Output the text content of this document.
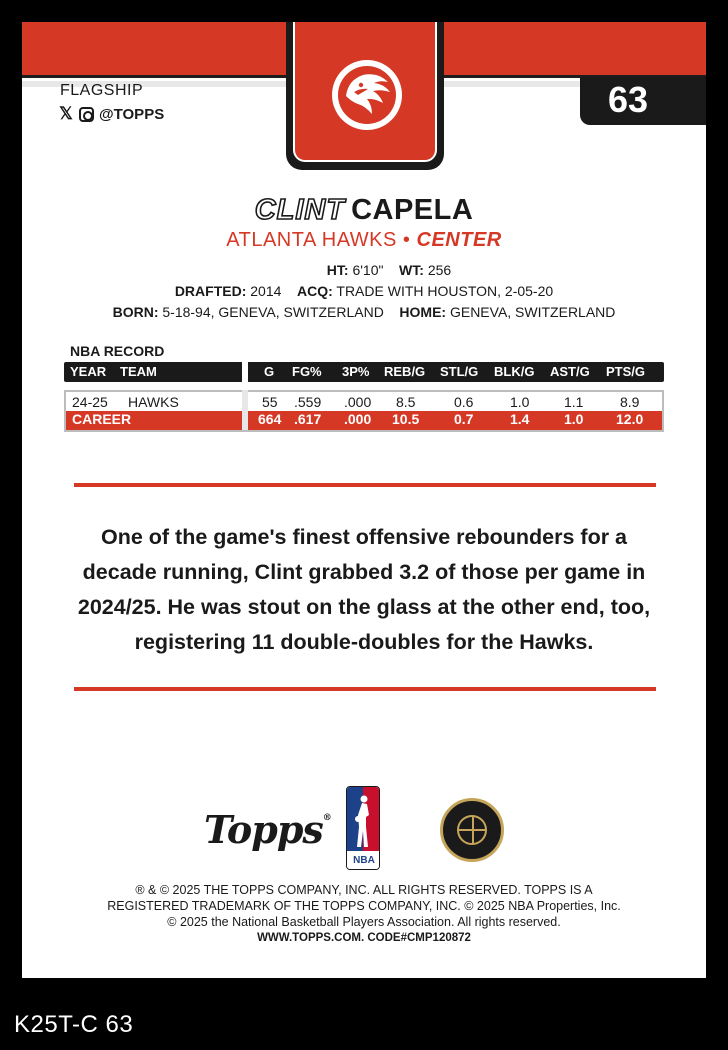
FLAGSHIP
𝕏 @TOPPS	63
CLINT CAPELA
ATLANTA HAWKS • CENTER
HT: 6'10" WT: 256
DRAFTED: 2014 ACQ: TRADE WITH HOUSTON, 2-05-20
BORN: 5-18-94, GENEVA, SWITZERLAND HOME: GENEVA, SWITZERLAND
NBA RECORD
YEAR TEAM	G FG% 3P% REB/G STL/G BLK/G AST/G PTS/G
24-25 HAWKS	55 .559 .000 8.5	0.6	1.0 1.1	8.9
CAREER	664 .617 .000 10.5 0.7	1.4 1.0 12.0
One of the game's finest offensive rebounders for a decade running, Clint grabbed 3.2 of those per game in 2024/25. He was stout on the glass at the other end, too, registering 11 double-doubles for the Hawks.
Topps®
NBA
® & © 2025 THE TOPPS COMPANY, INC. ALL RIGHTS RESERVED. TOPPS IS A
REGISTERED TRADEMARK OF THE TOPPS COMPANY, INC. © 2025 NBA Properties, Inc.
© 2025 the National Basketball Players Association. All rights reserved.
WWW.TOPPS.COM. CODE#CMP120872
K25T-C 63
